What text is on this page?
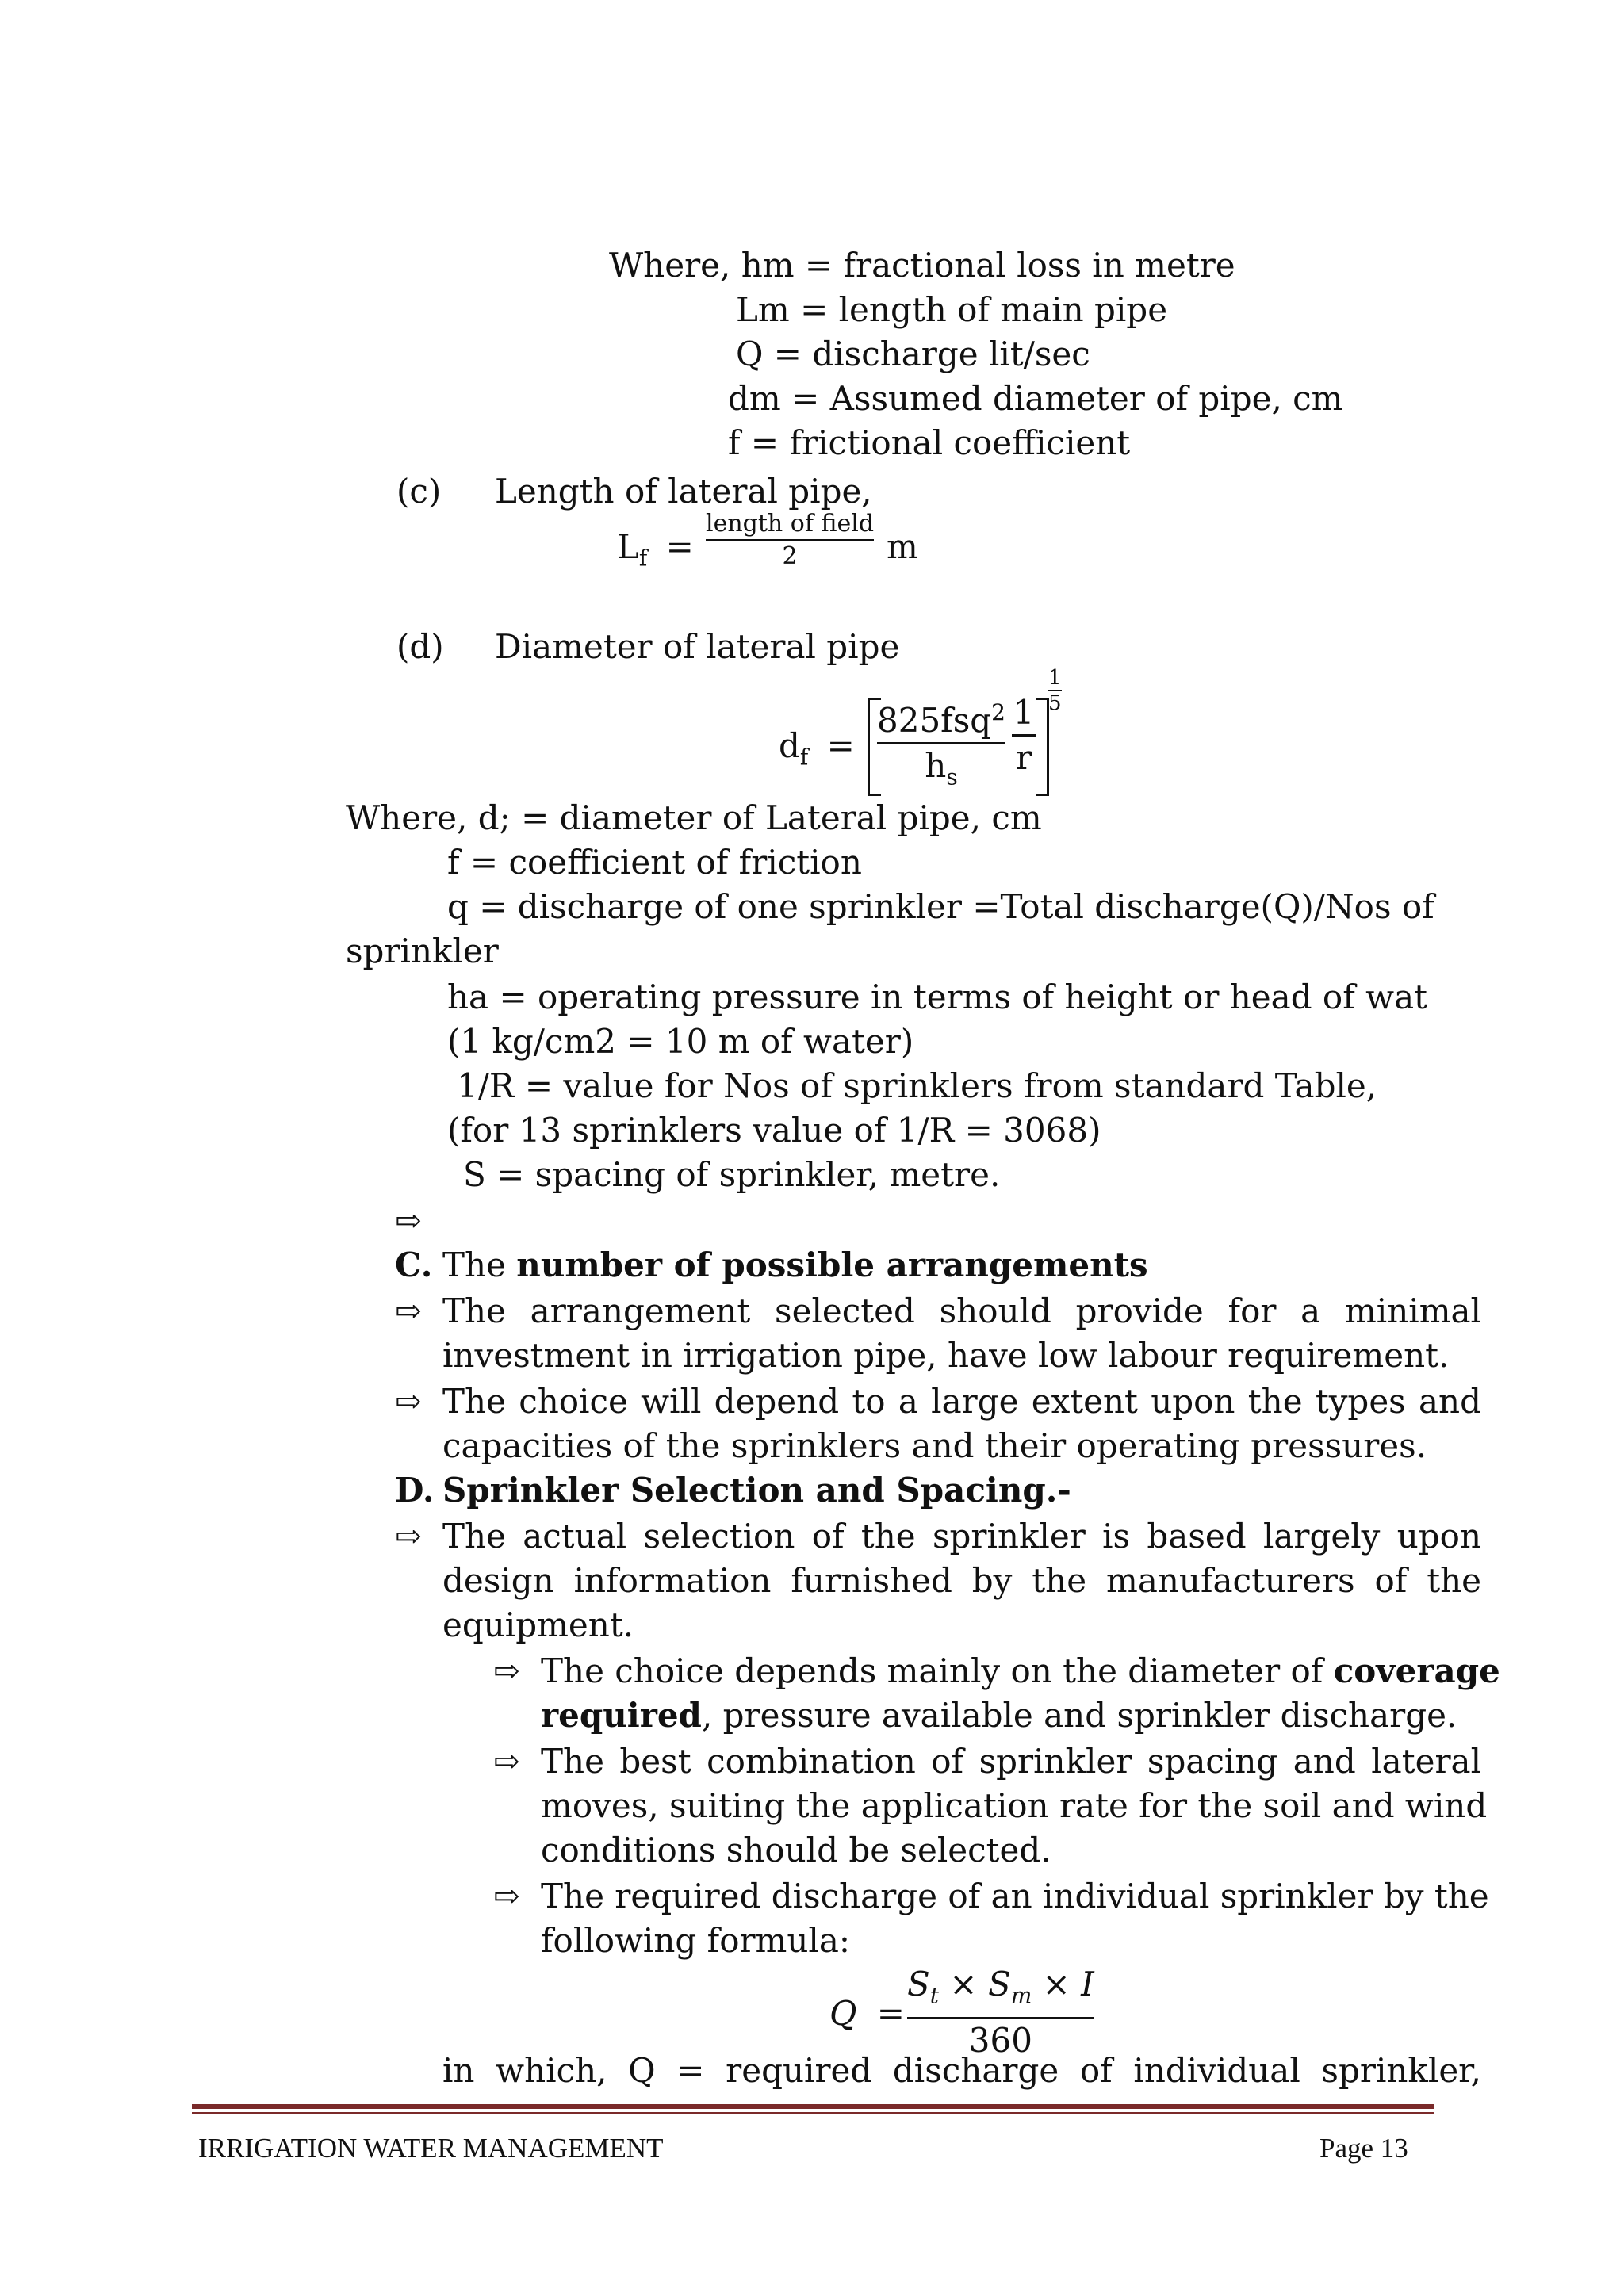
Where, hm = fractional loss in metre
Lm = length of main pipe
Q = discharge lit/sec
dm = Assumed diameter of pipe, cm
f = frictional coefficient
(c) Length of lateral pipe,
$L_f$ =
length of field
2	m
(d) Diameter of lateral pipe
$d_f$ =
825fsq$^2$
$h_s$
1
r
1
5
Where, d; = diameter of Lateral pipe, cm
f = coefficient of friction
q = discharge of one sprinkler =Total discharge(Q)/Nos of
sprinkler
ha = operating pressure in terms of height or head of wat
(1 kg/cm2 = 10 m of water)
1/R = value for Nos of sprinklers from standard Table,
(for 13 sprinklers value of 1/R = 3068)
S = spacing of sprinkler, metre.
⇨
C. The number of possible arrangements
⇨ The arrangement selected should provide for a minimal
investment in irrigation pipe, have low labour requirement.
⇨ The choice will depend to a large extent upon the types and
capacities of the sprinklers and their operating pressures.
D. Sprinkler Selection and Spacing.-
⇨ The actual selection of the sprinkler is based largely upon
design information furnished by the manufacturers of the
equipment.
⇨ The choice depends mainly on the diameter of coverage
required, pressure available and sprinkler discharge.
⇨ The best combination of sprinkler spacing and lateral
moves, suiting the application rate for the soil and wind
conditions should be selected.
⇨ The required discharge of an individual sprinkler by the
following formula:
Q =
$S_t \times S_m \times I$
360
in which, Q = required discharge of individual sprinkler,
IRRIGATION WATER MANAGEMENT	Page 13
